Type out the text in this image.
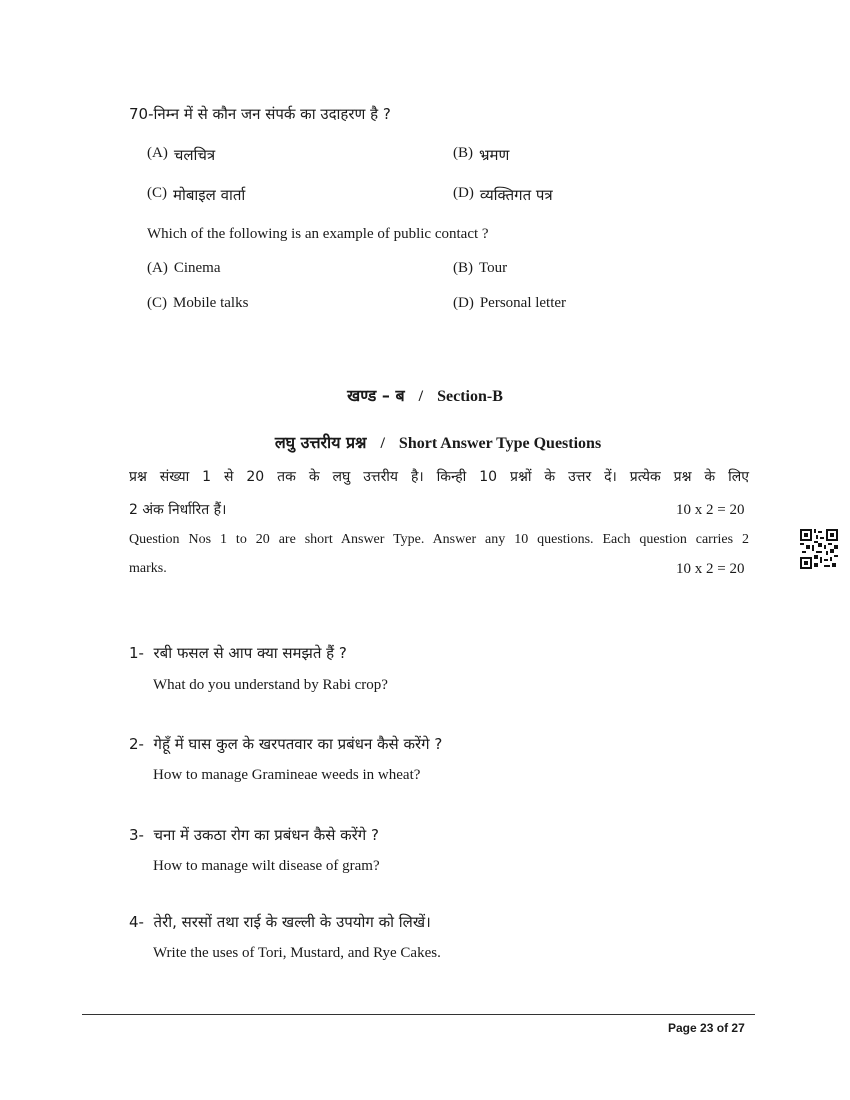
70-निम्न में से कौन जन संपर्क का उदाहरण है ?
(A) चलचित्र	(B) भ्रमण
(C) मोबाइल वार्ता	(D) व्यक्तिगत पत्र
Which of the following is an example of public contact ?
(A) Cinema	(B) Tour
(C) Mobile talks	(D) Personal letter
खण्ड – ब / Section-B
लघु उत्तरीय प्रश्न / Short Answer Type Questions
प्रश्न संख्या 1 से 20 तक के लघु उत्तरीय है। किन्ही 10 प्रश्नों के उत्तर दें। प्रत्येक प्रश्न के लिए
2 अंक निर्धारित हैं।	10 x 2 = 20
Question Nos 1 to 20 are short Answer Type. Answer any 10 questions. Each question carries 2
marks.	10 x 2 = 20
1- रबी फसल से आप क्या समझते हैं ?
What do you understand by Rabi crop?
2- गेहूँ में घास कुल के खरपतवार का प्रबंधन कैसे करेंगे ?
How to manage Gramineae weeds in wheat?
3- चना में उकठा रोग का प्रबंधन कैसे करेंगे ?
How to manage wilt disease of gram?
4- तेरी, सरसों तथा राई के खल्ली के उपयोग को लिखें।
Write the uses of Tori, Mustard, and Rye Cakes.
Page 23 of 27
